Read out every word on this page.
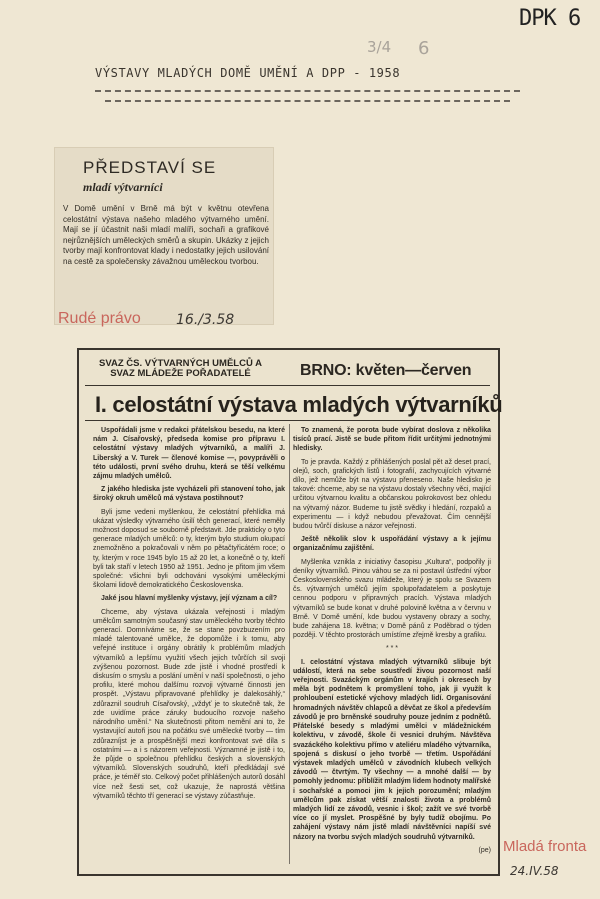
DPK 6
3/4 6
VÝSTAVY MLADÝCH DOMĚ UMĚNÍ A DPP - 1958
PŘEDSTAVÍ SE
mladí výtvarníci
V Domě umění v Brně má být v květnu otevřena celostátní výstava našeho mladého výtvarného umění. Mají se jí účastnit naši mladí malíři, sochaři a grafikové nejrůznějších uměleckých směrů a skupin. Ukázky z jejich tvorby mají konfrontovat klady i nedostatky jejich usilování na cestě za společensky závažnou uměleckou tvorbou.
Rudé právo	16./3.58
SVAZ ČS. VÝTVARNÝCH UMĚLCŮ A SVAZ MLÁDEŽE POŘADATELÉ	BRNO: květen—červen
I. celostátní výstava mladých výtvarníků

Uspořádali jsme v redakci přátelskou besedu, na které nám J. Císařovský, předseda komise pro přípravu I. celostátní výstavy mladých výtvarníků, a malíři J. Liberský a V. Turek — členové komise —, povyprávěli o této události, první svého druhu, která se těší velkému zájmu mladých umělců.

Z jakého hlediska jste vycházeli při stanovení toho, jak široký okruh umělců má výstava postihnout?

Byli jsme vedeni myšlenkou, že celostátní přehlídka má ukázat výsledky výtvarného úsilí těch generací, které neměly možnost doposud se souborně představit. Jde prakticky o tyto generace mladých umělců: o ty, kterým bylo studium okupací znemožněno a pokračovali v něm po pětačtyřicátém roce; o ty, kterým v roce 1945 bylo 15 až 20 let, a konečně o ty, kteří byli tak staří v letech 1950 až 1951. Jedno je přitom jim všem společné: všichni byli odchováni vysokými uměleckými školami lidově demokratického Československa.

Jaké jsou hlavní myšlenky výstavy, její význam a cíl?

Chceme, aby výstava ukázala veřejnosti i mladým umělcům samotným současný stav uměleckého tvorby těchto generací. Domníváme se, že se stane povzbuzením pro mladé talentované umělce, že dopomůže i k tomu, aby veřejné instituce i orgány obrátily k problémům mladých výtvarníků a lepšímu využití všech jejich tvůrčích sil svoji zvýšenou pozornost. Bude zde jistě i vhodné prostředí k diskusím o smyslu a poslání umění v naší společnosti, o jeho profilu, které mohou dalšímu rozvoji výtvarné činnosti jen prospět. „Výstavu připravované přehlídky je dalekosáhlý,“ zdůraznil soudruh Císařovský, „vždyť je to skutečně tak, že zde uvidíme práce záruky budoucího rozvoje našeho národního umění.“ Na skutečnosti přitom nemění ani to, že vystavující autoři jsou na počátku své umělecké tvorby — tím zdůrazníjst je a prospěšnější mezi konfrontovat své díla s ostatními — a i s názorem veřejnosti. Významné je jistě i to, že půjde o společnou přehlídku českých a slovenských výtvarníků. Slovenských soudruhů, kteří předkládají své práce, je téměř sto. Celkový počet přihlášených autorů dosáhl více než šesti set, což ukazuje, že naprostá většina výtvarníků těchto tří generací se výstavy zúčastňuje.

To znamená, že porota bude vybírat doslova z několika tisíců prací. Jistě se bude přitom řídit určitými jednotnými hledisky.

To je pravda. Každý z přihlášených poslal pět až deset prací, olejů, soch, grafických listů i fotografií, zachycujících výtvarné dílo, jež nemůže být na výstavu přeneseno. Naše hledisko je takové: chceme, aby se na výstavu dostaly všechny věci, mající určitou výtvarnou kvalitu a občanskou pokrokovost bez ohledu na výtvarný názor. Budeme tu jistě svědky i hledání, rozpaků a experimentu — i když nebudou převažovat. Čím cennější budou tvůrčí diskuse a názor veřejnosti.

Ještě několik slov k uspořádání výstavy a k jejímu organizačnímu zajištění.

Myšlenka vznikla z iniciativy časopisu „Kultura“, podpořily ji deníky výtvarníků. Pinou váhou se za ni postavil ústřední výbor Československého svazu mládeže, který je spolu se Svazem čs. výtvarných umělců jejím spolupořadatelem a poskytuje cennou podporu v připravných pracích. Výstava mladých výtvarníků se bude konat v druhé polovině května a v červnu v Brně. V Domě umění, kde budou vystaveny obrazy a sochy, bude zahájena 18. května; v Domě pánů z Poděbrad o týden později. V těchto prostorách umístíme zřejmě kresby a grafiku.

* * *

I. celostátní výstava mladých výtvarníků slibuje být událostí, která na sebe soustředí živou pozornost naší veřejnosti. Svazáckým orgánům v krajích i okresech by měla být podnětem k promyšlení toho, jak ji využít k prohloubení estetické výchovy mladých lidí. Organisování hromadných návštěv chlapců a děvčat ze škol a především závodů je pro brněnské soudruhy pouze jedním z podnětů. Přátelské besedy s mladými umělci v mládežnickém kolektivu, v závodě, škole či vesnici druhým. Návštěva svazáckého kolektivu přímo v ateliéru mladého výtvarníka, spojená s diskusí o jeho tvorbě — třetím. Uspořádání výstavek mladých umělců v závodních klubech velkých závodů — čtvrtým. Ty všechny — a mnohé další — by pomohly jednomu: přiblížit mladým lidem hodnoty malířské i sochařské a pomoci jim k jejich porozumění; mladým umělcům pak získat větší znalosti života a problémů mladých lidí ze závodů, vesnic i škol; zažít ve své tvorbě více co jí myslet. Prospěšné by byly tudíž obojímu. Po zahájení výstavy nám jistě mladí návštěvníci napíší své názory na tvorbu svých mladých soudruhů výtvarníků.

(pe) Mladá fronta
24.IV.58
